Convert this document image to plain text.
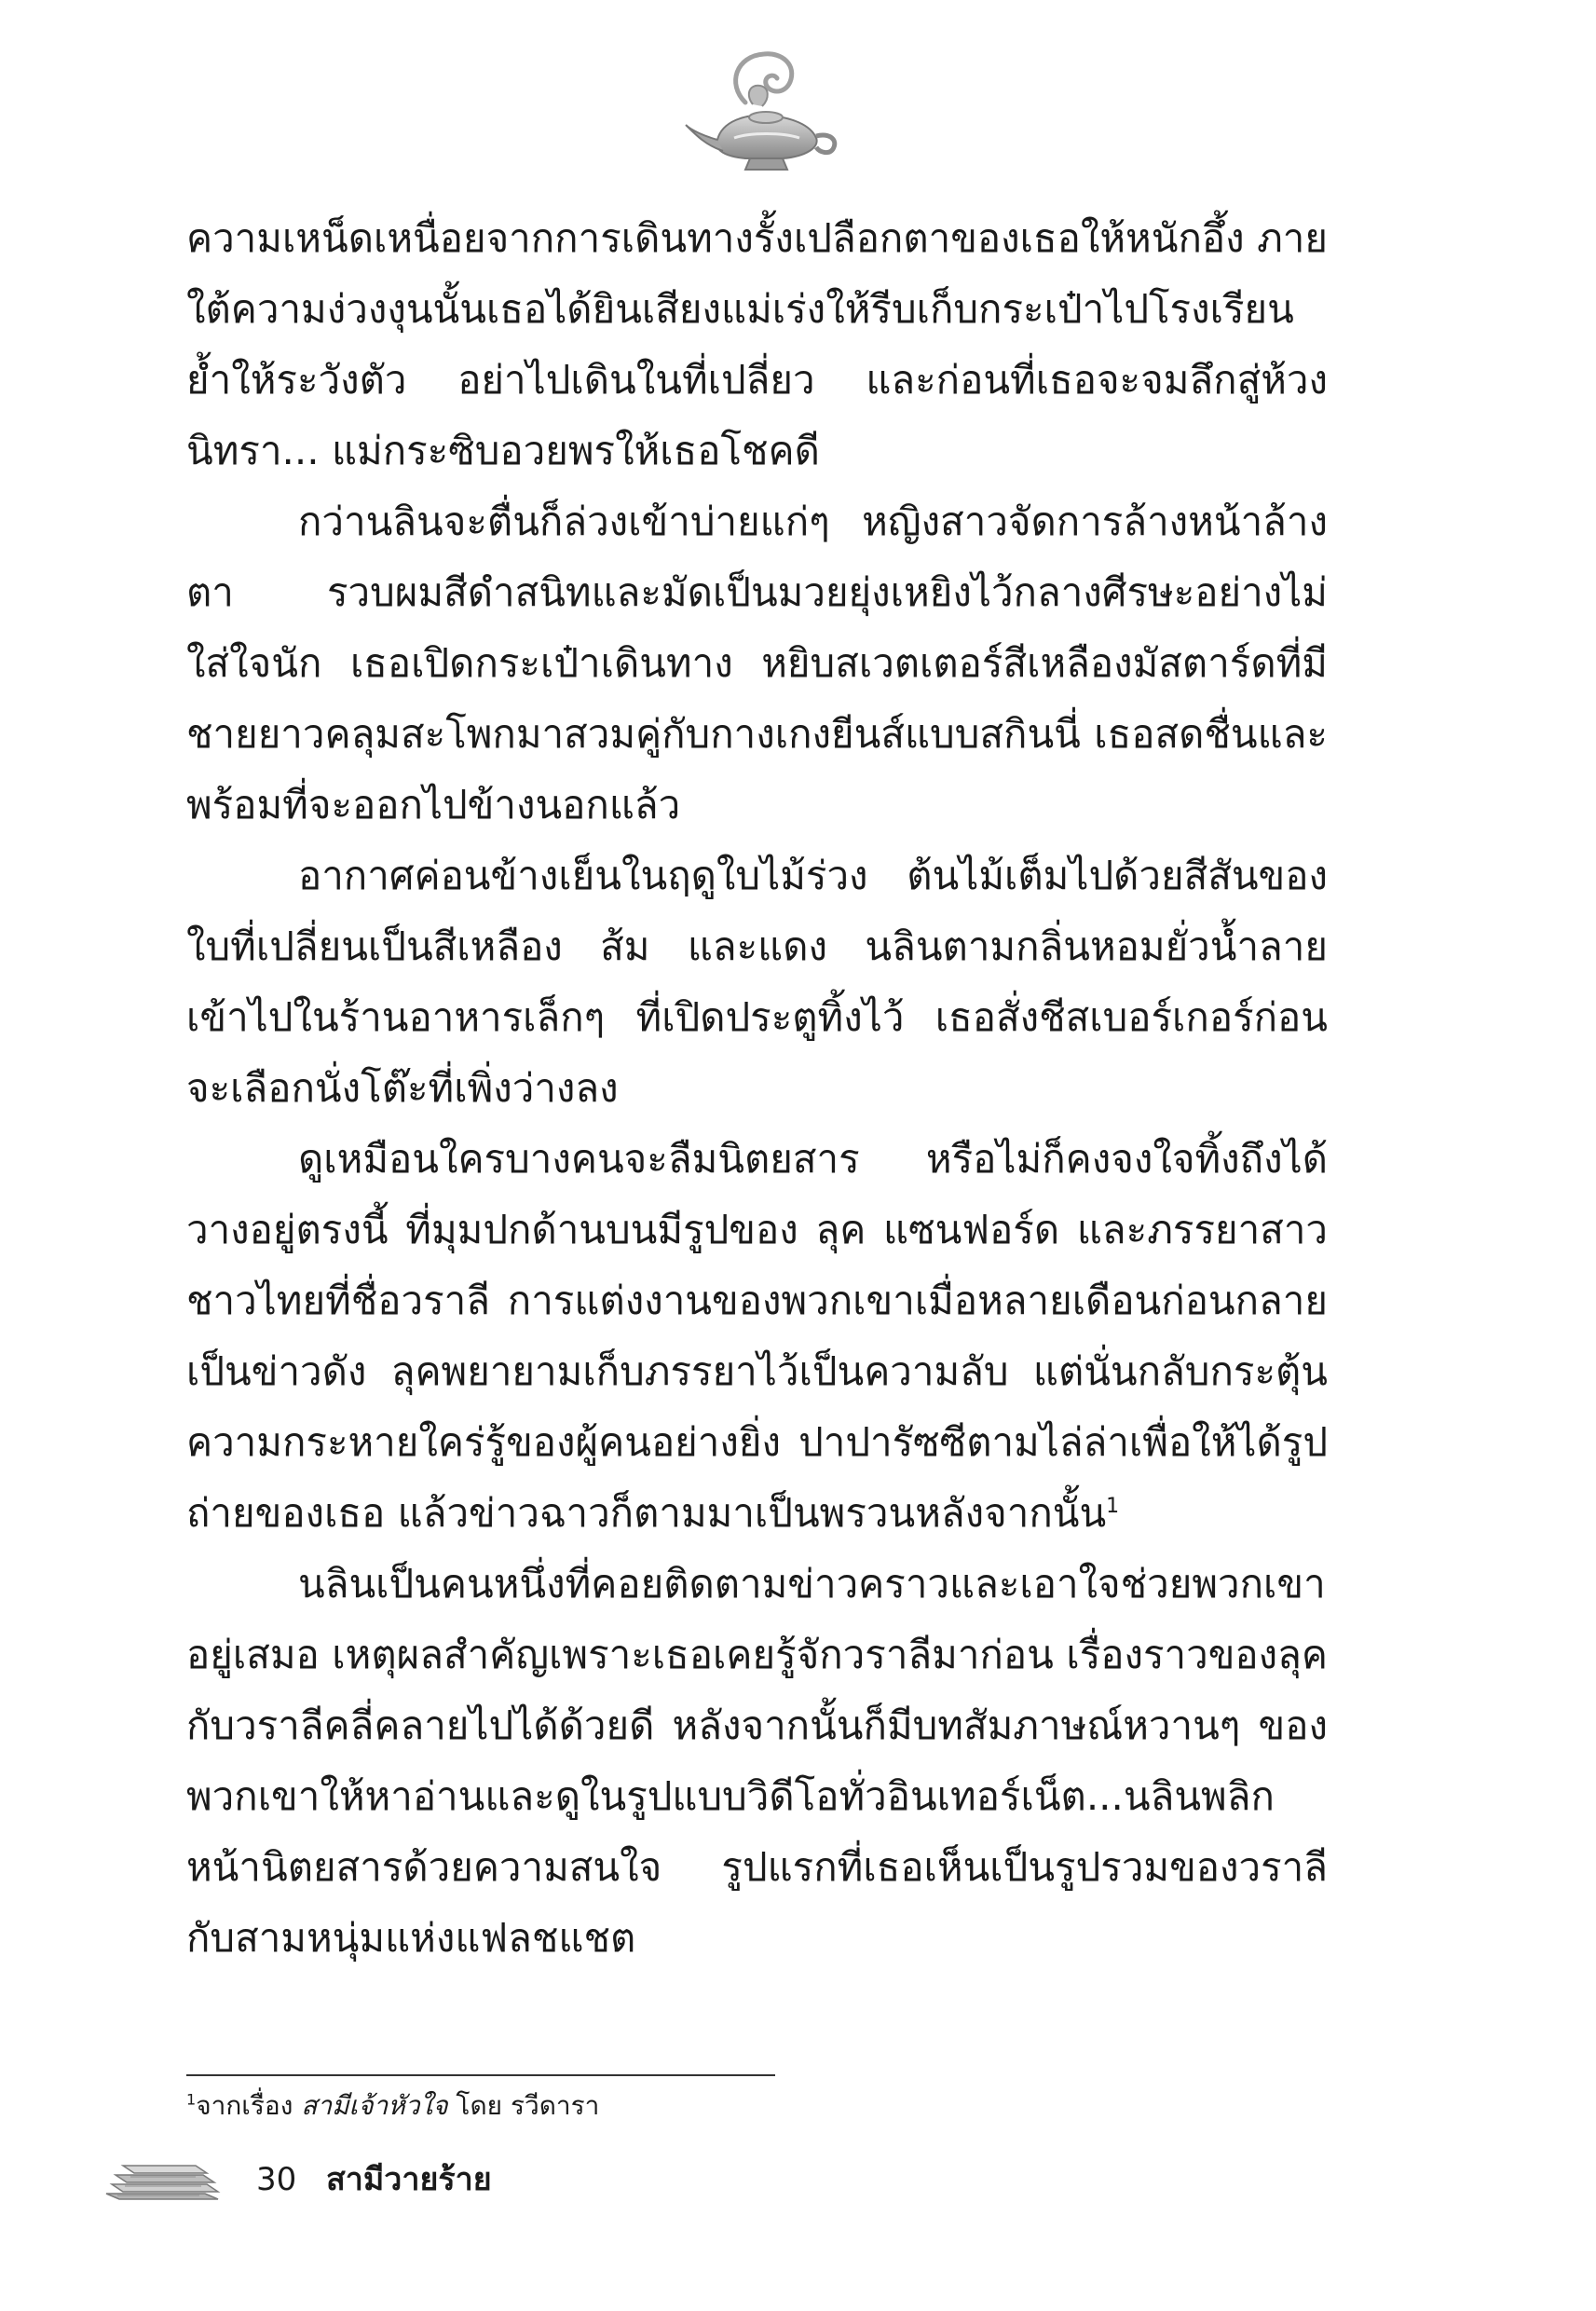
ความเหน็ดเหนื่อยจากการเดินทางรั้งเปลือกตาของเธอให้หนักอึ้ง ภายใต้ความง่วงงุนนั้นเธอได้ยินเสียงแม่เร่งให้รีบเก็บกระเป๋าไปโรงเรียน ย้ำให้ระวังตัว อย่าไปเดินในที่เปลี่ยว และก่อนที่เธอจะจมลึกสู่ห้วงนิทรา... แม่กระซิบอวยพรให้เธอโชคดี

กว่านลินจะตื่นก็ล่วงเข้าบ่ายแก่ๆ หญิงสาวจัดการล้างหน้าล้างตา รวบผมสีดำสนิทและมัดเป็นมวยยุ่งเหยิงไว้กลางศีรษะอย่างไม่ใส่ใจนัก เธอเปิดกระเป๋าเดินทาง หยิบสเวตเตอร์สีเหลืองมัสตาร์ดที่มีชายยาวคลุมสะโพกมาสวมคู่กับกางเกงยีนส์แบบสกินนี่ เธอสดชื่นและพร้อมที่จะออกไปข้างนอกแล้ว

อากาศค่อนข้างเย็นในฤดูใบไม้ร่วง ต้นไม้เต็มไปด้วยสีสันของใบที่เปลี่ยนเป็นสีเหลือง ส้ม และแดง นลินตามกลิ่นหอมยั่วน้ำลายเข้าไปในร้านอาหารเล็กๆ ที่เปิดประตูทิ้งไว้ เธอสั่งชีสเบอร์เกอร์ก่อนจะเลือกนั่งโต๊ะที่เพิ่งว่างลง

ดูเหมือนใครบางคนจะลืมนิตยสาร หรือไม่ก็คงจงใจทิ้งถึงได้วางอยู่ตรงนี้ ที่มุมปกด้านบนมีรูปของ ลุค แซนฟอร์ด และภรรยาสาวชาวไทยที่ชื่อวราลี การแต่งงานของพวกเขาเมื่อหลายเดือนก่อนกลายเป็นข่าวดัง ลุคพยายามเก็บภรรยาไว้เป็นความลับ แต่นั่นกลับกระตุ้นความกระหายใคร่รู้ของผู้คนอย่างยิ่ง ปาปารัซซีตามไล่ล่าเพื่อให้ได้รูปถ่ายของเธอ แล้วข่าวฉาวก็ตามมาเป็นพรวนหลังจากนั้น$^1$

นลินเป็นคนหนึ่งที่คอยติดตามข่าวคราวและเอาใจช่วยพวกเขาอยู่เสมอ เหตุผลสำคัญเพราะเธอเคยรู้จักวราลีมาก่อน เรื่องราวของลุคกับวราลีคลี่คลายไปได้ด้วยดี หลังจากนั้นก็มีบทสัมภาษณ์หวานๆ ของพวกเขาให้หาอ่านและดูในรูปแบบวิดีโอทั่วอินเทอร์เน็ต...นลินพลิกหน้านิตยสารด้วยความสนใจ รูปแรกที่เธอเห็นเป็นรูปรวมของวราลีกับสามหนุ่มแห่งแฟลชแชต

$^1$จากเรื่อง สามีเจ้าหัวใจ โดย รวีดารา
30 สามีวายร้าย
